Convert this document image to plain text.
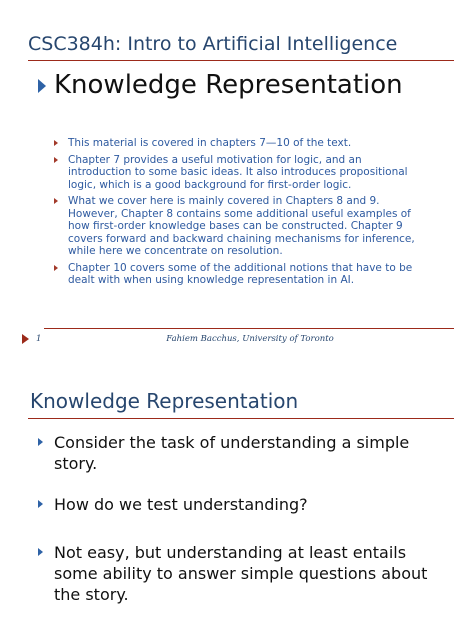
CSC384h: Intro to Artificial Intelligence
Knowledge Representation
This material is covered in chapters 7—10 of the text.
Chapter 7 provides a useful motivation for logic, and an introduction to some basic ideas. It also introduces propositional logic, which is a good background for first-order logic.
What we cover here is mainly covered in Chapters 8 and 9. However, Chapter 8 contains some additional useful examples of how first-order knowledge bases can be constructed. Chapter 9 covers forward and backward chaining mechanisms for inference, while here we concentrate on resolution.
Chapter 10 covers some of the additional notions that have to be dealt with when using knowledge representation in AI.
1	Fahiem Bacchus, University of Toronto
Knowledge Representation
Consider the task of understanding a simple story.
How do we test understanding?
Not easy, but understanding at least entails some ability to answer simple questions about the story.
